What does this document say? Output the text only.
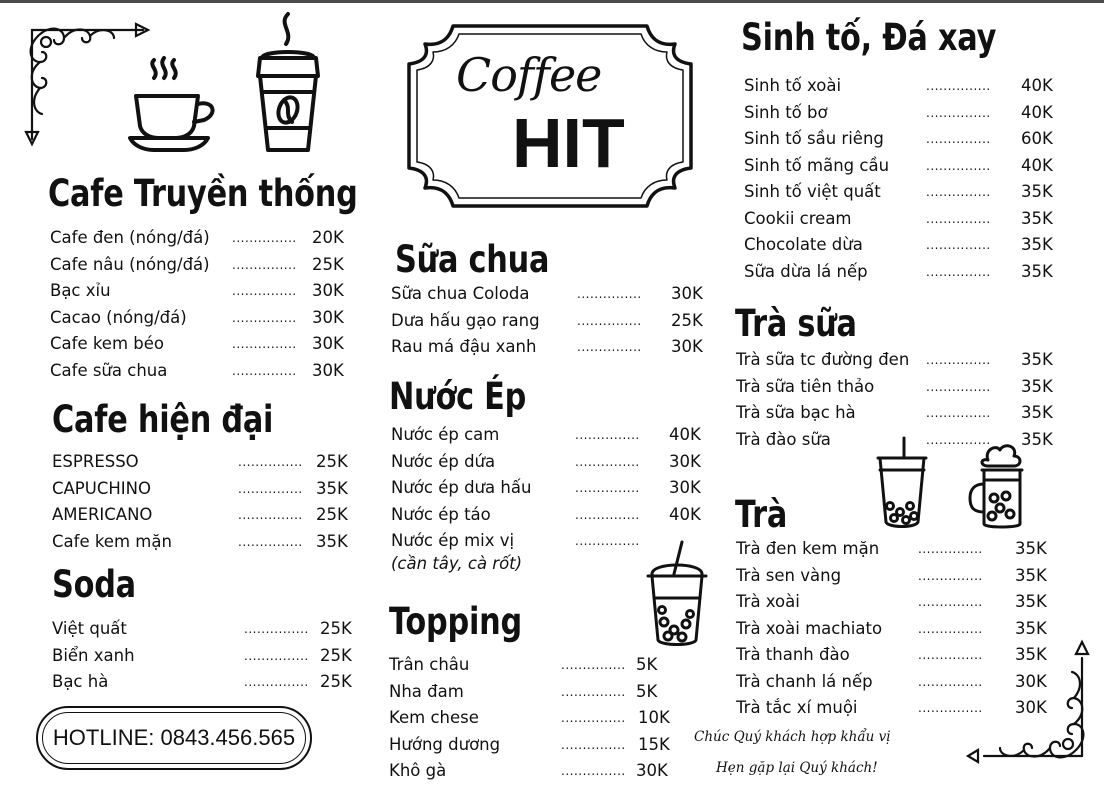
Coffee
HIT
Cafe Truyền thống
Cafe hiện đại
Soda
Sữa chua
Nước Ép
Topping
Sinh tố, Đá xay
Trà sữa
Trà
Cafe đen (nóng/đá) ............... 20K
Cafe nâu (nóng/đá) ............... 25K
Bạc xỉu	............... 30K
Cacao (nóng/đá)	............... 30K
Cafe kem béo	............... 30K
Cafe sữa chua	............... 30K
ESPRESSO	............... 25K
CAPUCHINO	............... 35K
AMERICANO	............... 25K
Cafe kem mặn	............... 35K
Việt quất	............... 25K
Biển xanh	............... 25K
Bạc hà	............... 25K
HOTLINE: 0843.456.565
Sữa chua Coloda	............... 30K
Dưa hấu gạo rang	............... 25K
Rau má đậu xanh	............... 30K
Nước ép cam	............... 40K
Nước ép dứa	............... 30K
Nước ép dưa hấu	............... 30K
Nước ép táo	............... 40K
Nước ép mix vị	...............
(cần tây, cà rốt)
Trân châu	............... 5K
Nha đam	............... 5K
Kem chese	............... 10K
Hướng dương	............... 15K
Khô gà	............... 30K
Sinh tố xoài	............... 40K
Sinh tố bơ	............... 40K
Sinh tố sầu riêng	............... 60K
Sinh tố mãng cầu	............... 40K
Sinh tố việt quất	............... 35K
Cookii cream	............... 35K
Chocolate dừa	............... 35K
Sữa dừa lá nếp	............... 35K
Trà sữa tc đường đen ............... 35K
Trà sữa tiên thảo	............... 35K
Trà sữa bạc hà	............... 35K
Trà đào sữa	............... 35K
Trà đen kem mặn	............... 35K
Trà sen vàng	............... 35K
Trà xoài	............... 35K
Trà xoài machiato	............... 35K
Trà thanh đào	............... 35K
Trà chanh lá nếp	............... 30K
Trà tắc xí muội	............... 30K
Chúc Quý khách hợp khẩu vị
Hẹn gặp lại Quý khách!
